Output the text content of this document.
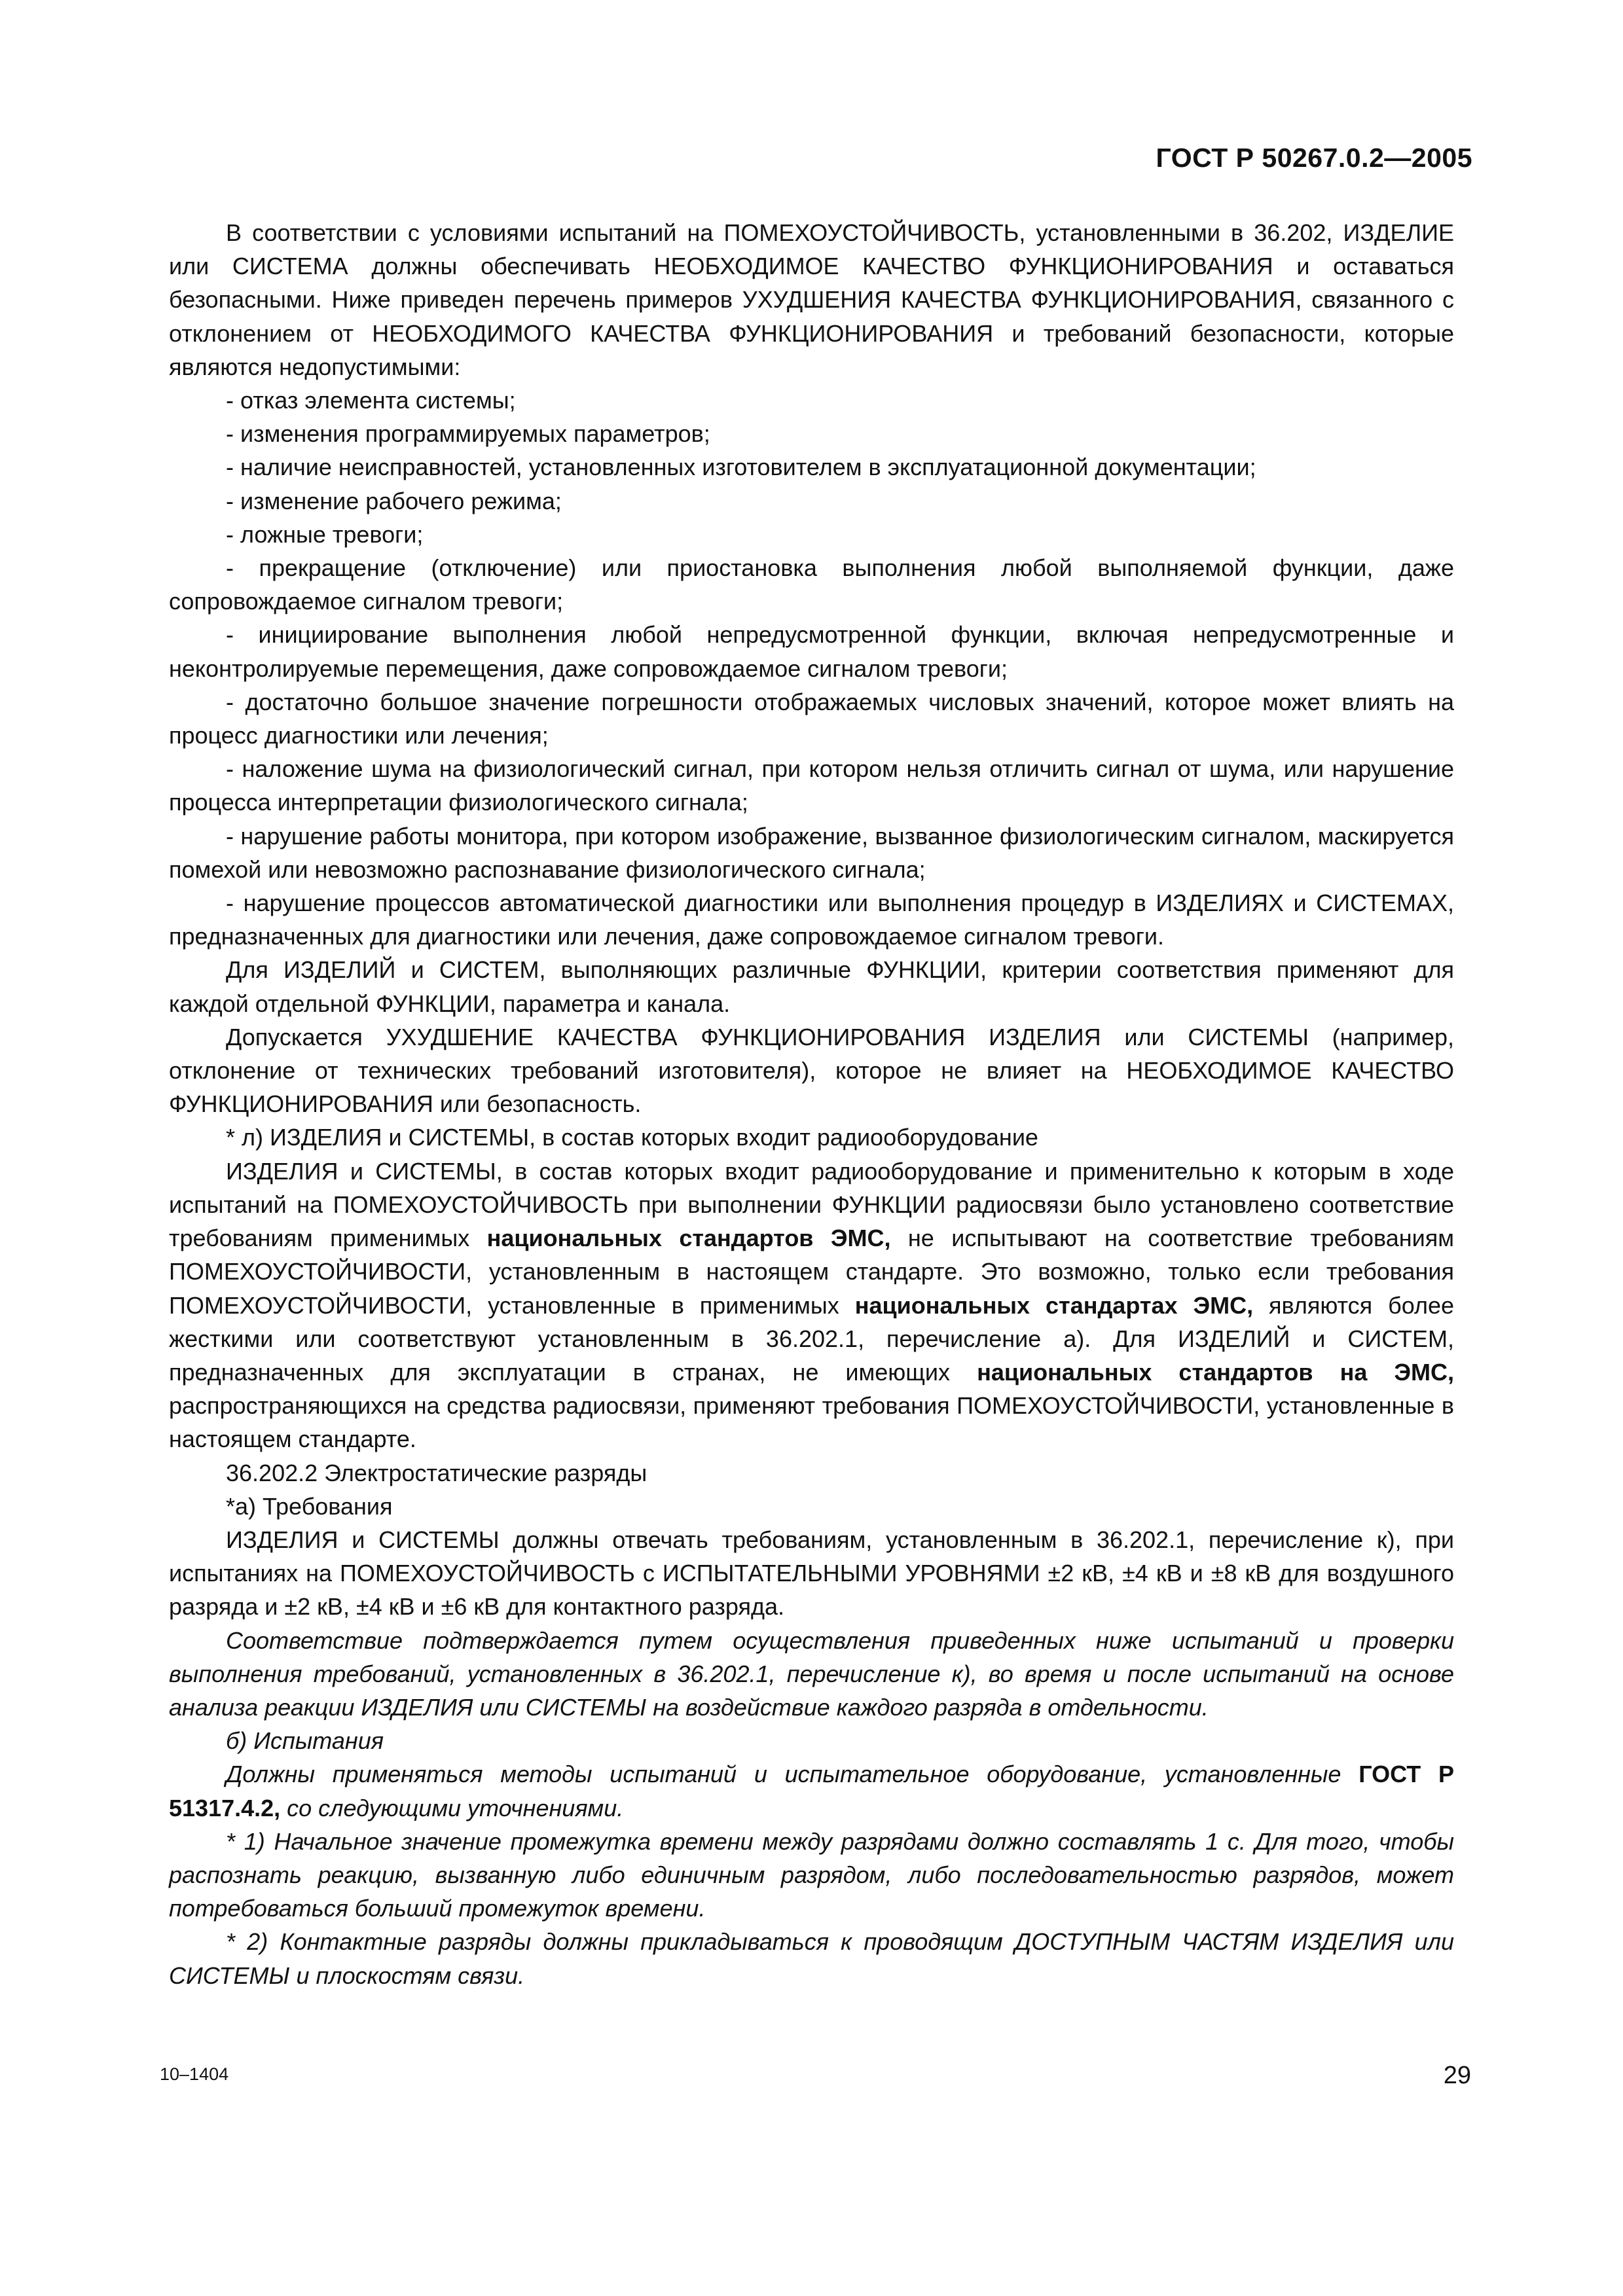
ГОСТ Р 50267.0.2—2005

В соответствии с условиями испытаний на ПОМЕХОУСТОЙЧИВОСТЬ, установленными в 36.202, ИЗДЕЛИЕ или СИСТЕМА должны обеспечивать НЕОБХОДИМОЕ КАЧЕСТВО ФУНКЦИОНИРОВАНИЯ и оставаться безопасными. Ниже приведен перечень примеров УХУДШЕНИЯ КАЧЕСТВА ФУНКЦИОНИРОВАНИЯ, связанного с отклонением от НЕОБХОДИМОГО КАЧЕСТВА ФУНКЦИОНИРОВАНИЯ и требований безопасности, которые являются недопустимыми:

- отказ элемента системы;

- изменения программируемых параметров;

- наличие неисправностей, установленных изготовителем в эксплуатационной документации;

- изменение рабочего режима;

- ложные тревоги;

- прекращение (отключение) или приостановка выполнения любой выполняемой функции, даже сопровождаемое сигналом тревоги;

- инициирование выполнения любой непредусмотренной функции, включая непредусмотренные и неконтролируемые перемещения, даже сопровождаемое сигналом тревоги;

- достаточно большое значение погрешности отображаемых числовых значений, которое может влиять на процесс диагностики или лечения;

- наложение шума на физиологический сигнал, при котором нельзя отличить сигнал от шума, или нарушение процесса интерпретации физиологического сигнала;

- нарушение работы монитора, при котором изображение, вызванное физиологическим сигналом, маскируется помехой или невозможно распознавание физиологического сигнала;

- нарушение процессов автоматической диагностики или выполнения процедур в ИЗДЕЛИЯХ и СИСТЕМАХ, предназначенных для диагностики или лечения, даже сопровождаемое сигналом тревоги.

Для ИЗДЕЛИЙ и СИСТЕМ, выполняющих различные ФУНКЦИИ, критерии соответствия применяют для каждой отдельной ФУНКЦИИ, параметра и канала.

Допускается УХУДШЕНИЕ КАЧЕСТВА ФУНКЦИОНИРОВАНИЯ ИЗДЕЛИЯ или СИСТЕМЫ (например, отклонение от технических требований изготовителя), которое не влияет на НЕОБХОДИМОЕ КАЧЕСТВО ФУНКЦИОНИРОВАНИЯ или безопасность.

* л) ИЗДЕЛИЯ и СИСТЕМЫ, в состав которых входит радиооборудование

ИЗДЕЛИЯ и СИСТЕМЫ, в состав которых входит радиооборудование и применительно к которым в ходе испытаний на ПОМЕХОУСТОЙЧИВОСТЬ при выполнении ФУНКЦИИ радиосвязи было установлено соответствие требованиям применимых национальных стандартов ЭМС, не испытывают на соответствие требованиям ПОМЕХОУСТОЙЧИВОСТИ, установленным в настоящем стандарте. Это возможно, только если требования ПОМЕХОУСТОЙЧИВОСТИ, установленные в применимых национальных стандартах ЭМС, являются более жесткими или соответствуют установленным в 36.202.1, перечисление а). Для ИЗДЕЛИЙ и СИСТЕМ, предназначенных для эксплуатации в странах, не имеющих национальных стандартов на ЭМС, распространяющихся на средства радиосвязи, применяют требования ПОМЕХОУСТОЙЧИВОСТИ, установленные в настоящем стандарте.

36.202.2 Электростатические разряды

*а) Требования

ИЗДЕЛИЯ и СИСТЕМЫ должны отвечать требованиям, установленным в 36.202.1, перечисление к), при испытаниях на ПОМЕХОУСТОЙЧИВОСТЬ с ИСПЫТАТЕЛЬНЫМИ УРОВНЯМИ ±2 кВ, ±4 кВ и ±8 кВ для воздушного разряда и ±2 кВ, ±4 кВ и ±6 кВ для контактного разряда.

Соответствие подтверждается путем осуществления приведенных ниже испытаний и проверки выполнения требований, установленных в 36.202.1, перечисление к), во время и после испытаний на основе анализа реакции ИЗДЕЛИЯ или СИСТЕМЫ на воздействие каждого разряда в отдельности.

б) Испытания

Должны применяться методы испытаний и испытательное оборудование, установленные ГОСТ Р 51317.4.2, со следующими уточнениями.

* 1) Начальное значение промежутка времени между разрядами должно составлять 1 с. Для того, чтобы распознать реакцию, вызванную либо единичным разрядом, либо последовательностью разрядов, может потребоваться больший промежуток времени.

* 2) Контактные разряды должны прикладываться к проводящим ДОСТУПНЫМ ЧАСТЯМ ИЗДЕЛИЯ или СИСТЕМЫ и плоскостям связи.

10–1404	29
